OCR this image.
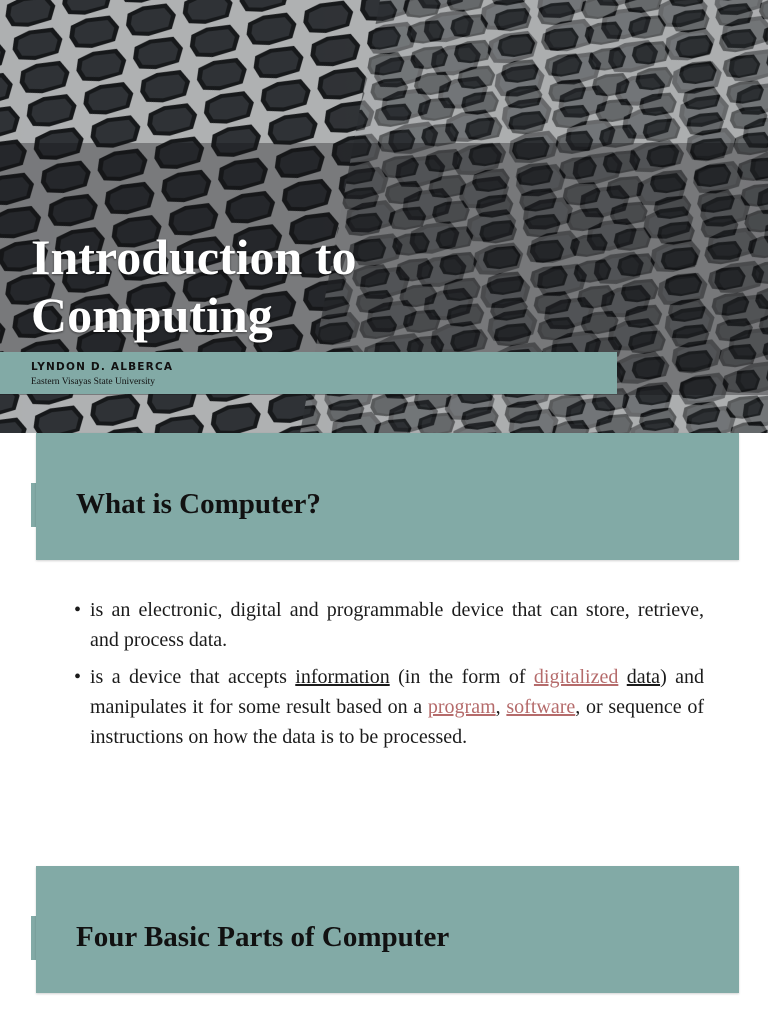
Introduction to
Computing
LYNDON D. ALBERCA
Eastern Visayas State University
What is Computer?
• is an electronic, digital and programmable device that can store, retrieve, and process data.
• is a device that accepts information (in the form of digitalized data) and manipulates it for some result based on a program, software, or sequence of instructions on how the data is to be processed.
Four Basic Parts of Computer
